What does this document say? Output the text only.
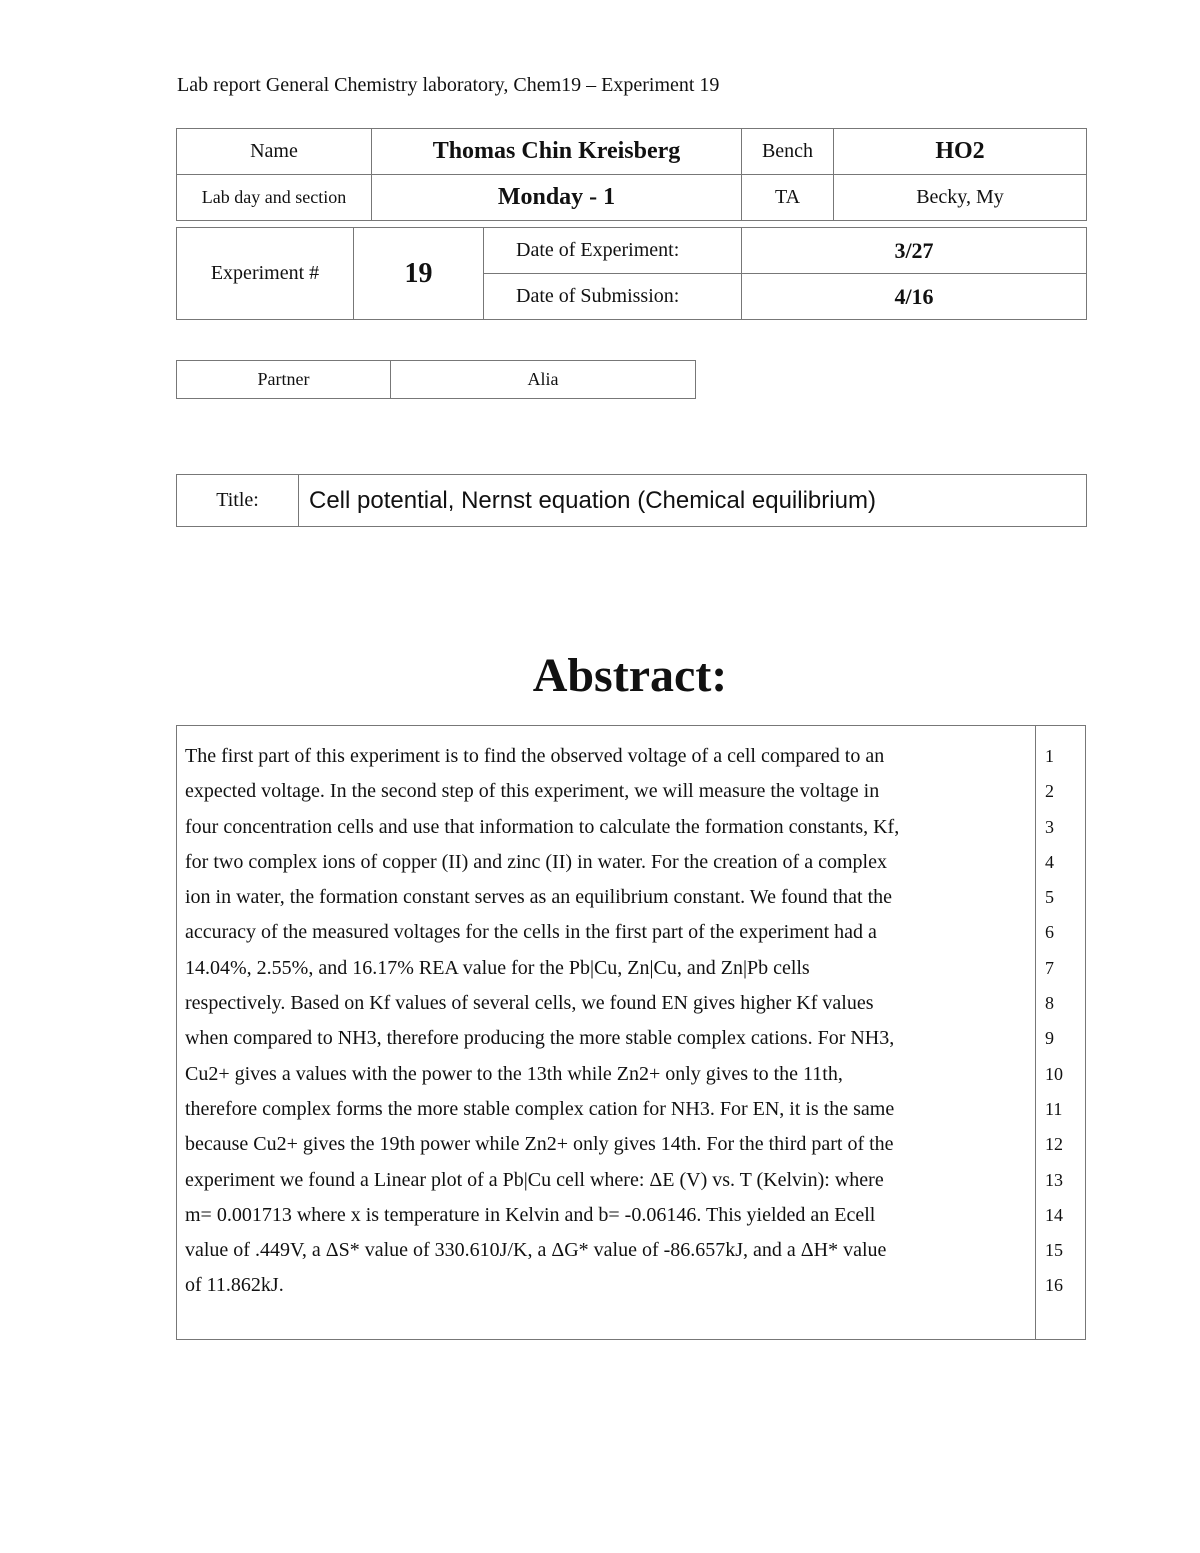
Lab report General Chemistry laboratory, Chem19 – Experiment 19
Name	Thomas Chin Kreisberg	Bench	HO2
Lab day and section	Monday - 1	TA	Becky, My
Experiment #	19	Date of Experiment:	3/27
		Date of Submission:	4/16
Partner	Alia
Title:	Cell potential, Nernst equation (Chemical equilibrium)
Abstract:
The first part of this experiment is to find the observed voltage of a cell compared to an
expected voltage. In the second step of this experiment, we will measure the voltage in
four concentration cells and use that information to calculate the formation constants, Kf,
for two complex ions of copper (II) and zinc (II) in water. For the creation of a complex
ion in water, the formation constant serves as an equilibrium constant. We found that the
accuracy of the measured voltages for the cells in the first part of the experiment had a
14.04%, 2.55%, and 16.17% REA value for the Pb|Cu, Zn|Cu, and Zn|Pb cells
respectively. Based on Kf values of several cells, we found EN gives higher Kf values
when compared to NH3, therefore producing the more stable complex cations. For NH3,
Cu2+ gives a values with the power to the 13th while Zn2+ only gives to the 11th,
therefore complex forms the more stable complex cation for NH3. For EN, it is the same
because Cu2+ gives the 19th power while Zn2+ only gives 14th. For the third part of the
experiment we found a Linear plot of a Pb|Cu cell where: ΔE (V) vs. T (Kelvin): where
m= 0.001713 where x is temperature in Kelvin and b= -0.06146. This yielded an Ecell
value of .449V, a ΔS* value of 330.610J/K, a ΔG* value of -86.657kJ, and a ΔH* value
of 11.862kJ.
1
2
3
4
5
6
7
8
9
10
11
12
13
14
15
16
